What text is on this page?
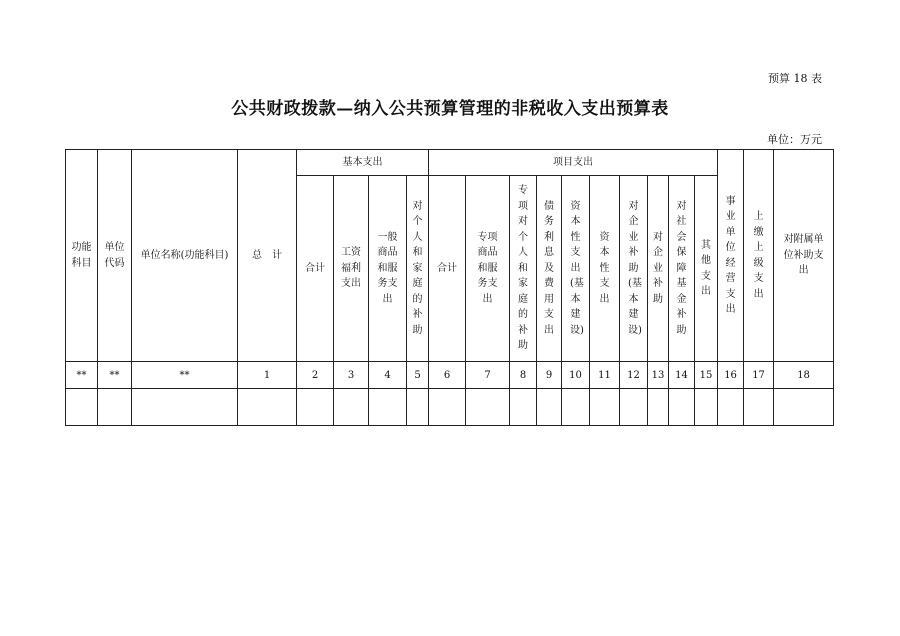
预算 18 表
公共财政拨款—纳入公共预算管理的非税收入支出预算表
单位：万元
功能科目	单位代码	单位名称(功能科目)	总　计	基本支出				项目支出										事业单位经营支出	上缴上级支出	对附属单位补助支出
				合计	工资福利支出	一般商品和服务支出	对个人和家庭的补助	合计	专项商品和服务支出	专项对个人和家庭的补助	债务利息及费用支出	资本性支出(基本建设)	资本性支出	对企业补助(基本建设)	对企业补助	对社会保障基金补助	其他支出			
**	**	**	1	2	3	4	5	6	7	8	9	10	11	12	13	14	15	16	17	18
